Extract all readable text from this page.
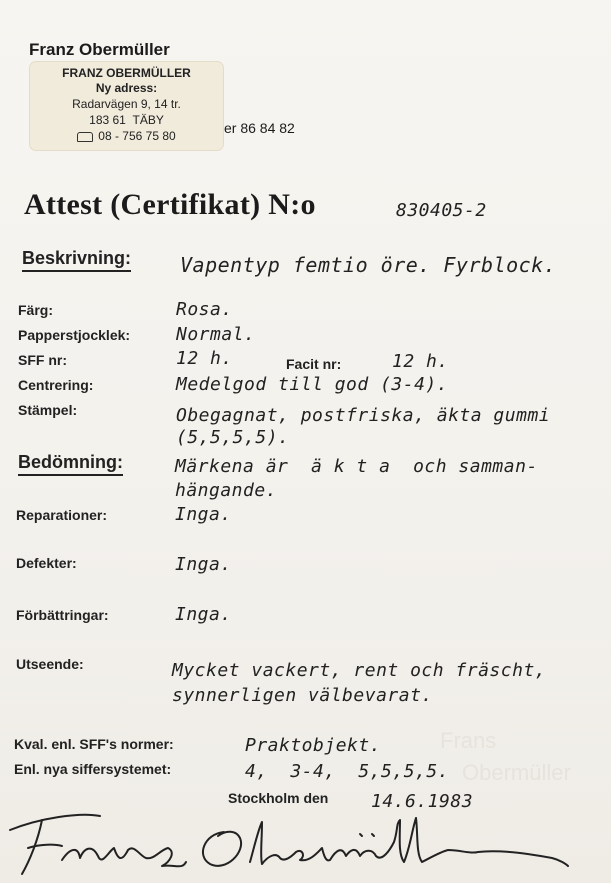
Franz Obermüller
FRANZ OBERMÜLLER
Ny adress:
Radarvägen 9, 14 tr.
183 61 TÄBY
08 - 756 75 80	er 86 84 82
Attest (Certifikat) N:o	830405-2
Beskrivning: Vapentyp femtio öre. Fyrblock.
Färg:	Rosa.
Papperstjocklek:	Normal.
SFF nr:	12 h.	Facit nr:	12 h.
Centrering:	Medelgod till god (3-4).
Stämpel:	Obegagnat, postfriska, äkta gummi
(5,5,5,5).
Bedömning:	Märkena är  ä k t a  och samman-
hängande.
Reparationer:	Inga.
Defekter:	Inga.
Förbättringar:	Inga.
Utseende:	Mycket vackert, rent och fräscht,
synnerligen välbevarat.
Frans
Obermüller
Kval. enl. SFF's normer:	Praktobjekt.
Enl. nya siffersystemet:	4,  3-4,  5,5,5,5.
Stockholm den 14.6.1983
